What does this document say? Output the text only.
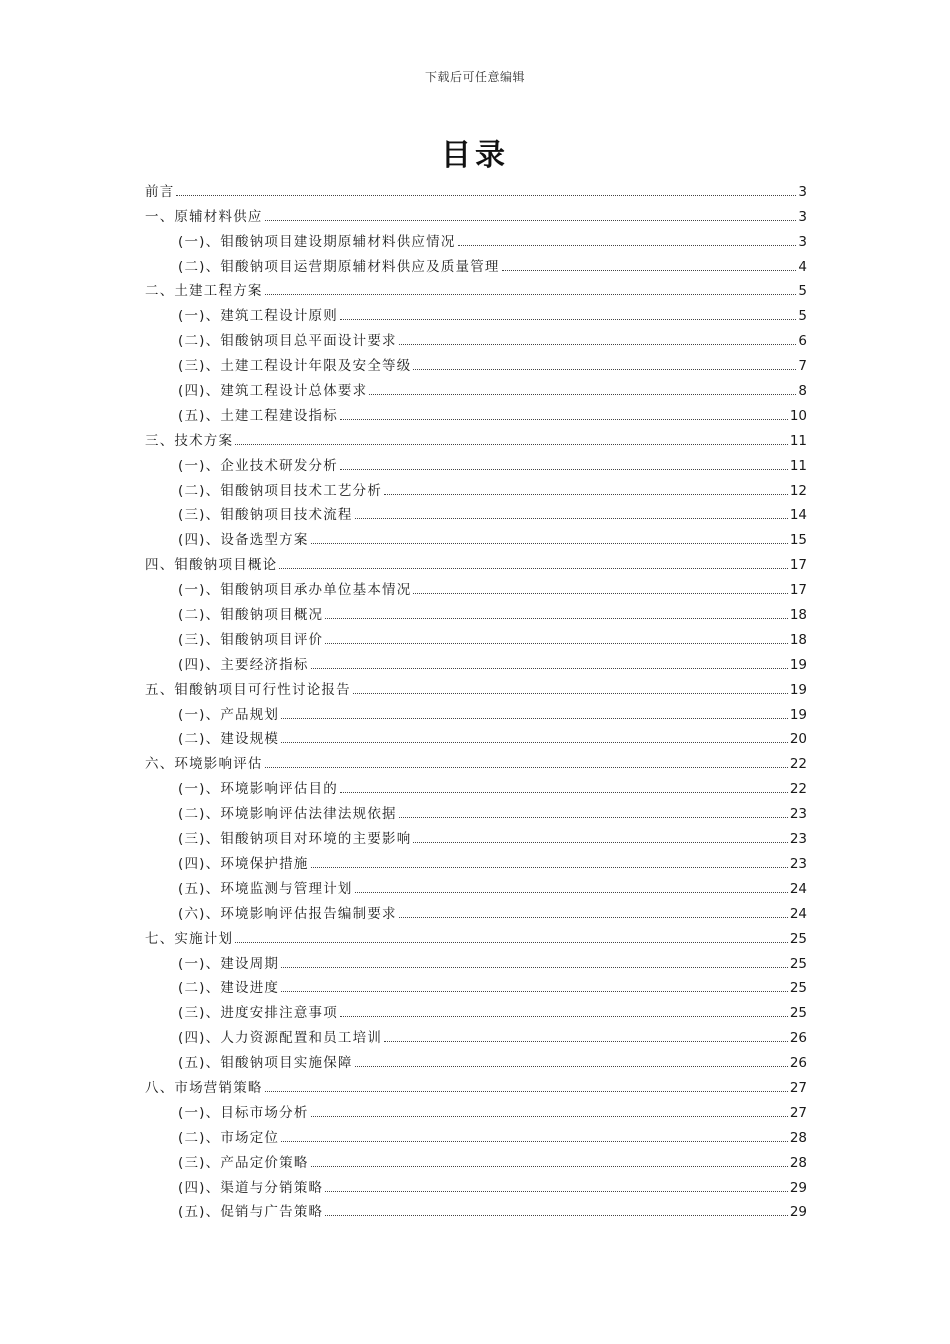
下载后可任意编辑
目录
前言	3
一、原辅材料供应	3
(一)、钼酸钠项目建设期原辅材料供应情况	3
(二)、钼酸钠项目运营期原辅材料供应及质量管理	4
二、土建工程方案	5
(一)、建筑工程设计原则	5
(二)、钼酸钠项目总平面设计要求	6
(三)、土建工程设计年限及安全等级	7
(四)、建筑工程设计总体要求	8
(五)、土建工程建设指标	10
三、技术方案	11
(一)、企业技术研发分析	11
(二)、钼酸钠项目技术工艺分析	12
(三)、钼酸钠项目技术流程	14
(四)、设备选型方案	15
四、钼酸钠项目概论	17
(一)、钼酸钠项目承办单位基本情况	17
(二)、钼酸钠项目概况	18
(三)、钼酸钠项目评价	18
(四)、主要经济指标	19
五、钼酸钠项目可行性讨论报告	19
(一)、产品规划	19
(二)、建设规模	20
六、环境影响评估	22
(一)、环境影响评估目的	22
(二)、环境影响评估法律法规依据	23
(三)、钼酸钠项目对环境的主要影响	23
(四)、环境保护措施	23
(五)、环境监测与管理计划	24
(六)、环境影响评估报告编制要求	24
七、实施计划	25
(一)、建设周期	25
(二)、建设进度	25
(三)、进度安排注意事项	25
(四)、人力资源配置和员工培训	26
(五)、钼酸钠项目实施保障	26
八、市场营销策略	27
(一)、目标市场分析	27
(二)、市场定位	28
(三)、产品定价策略	28
(四)、渠道与分销策略	29
(五)、促销与广告策略	29
